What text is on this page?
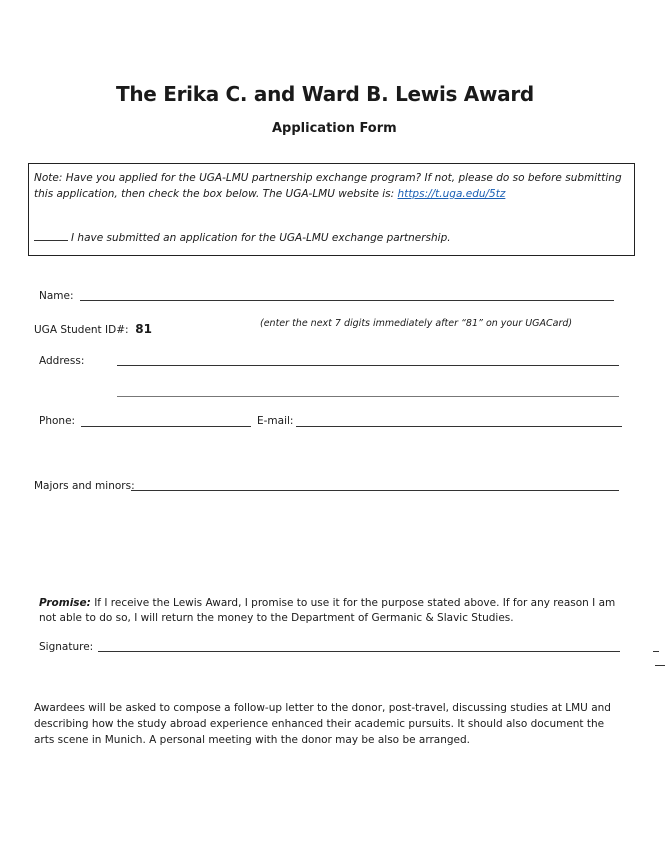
The Erika C. and Ward B. Lewis Award
Application Form
Note: Have you applied for the UGA-LMU partnership exchange program? If not, please do so before submitting this application, then check the box below. The UGA-LMU website is: https://t.uga.edu/5tz
I have submitted an application for the UGA-LMU exchange partnership.
Name:
UGA Student ID#: 81	(enter the next 7 digits immediately after “81” on your UGACard)
Address:
Phone:	E-mail:
Majors and minors:
Promise: If I receive the Lewis Award, I promise to use it for the purpose stated above. If for any reason I am not able to do so, I will return the money to the Department of Germanic & Slavic Studies.
Signature:
Awardees will be asked to compose a follow-up letter to the donor, post-travel, discussing studies at LMU and describing how the study abroad experience enhanced their academic pursuits. It should also document the arts scene in Munich. A personal meeting with the donor may be also be arranged.
